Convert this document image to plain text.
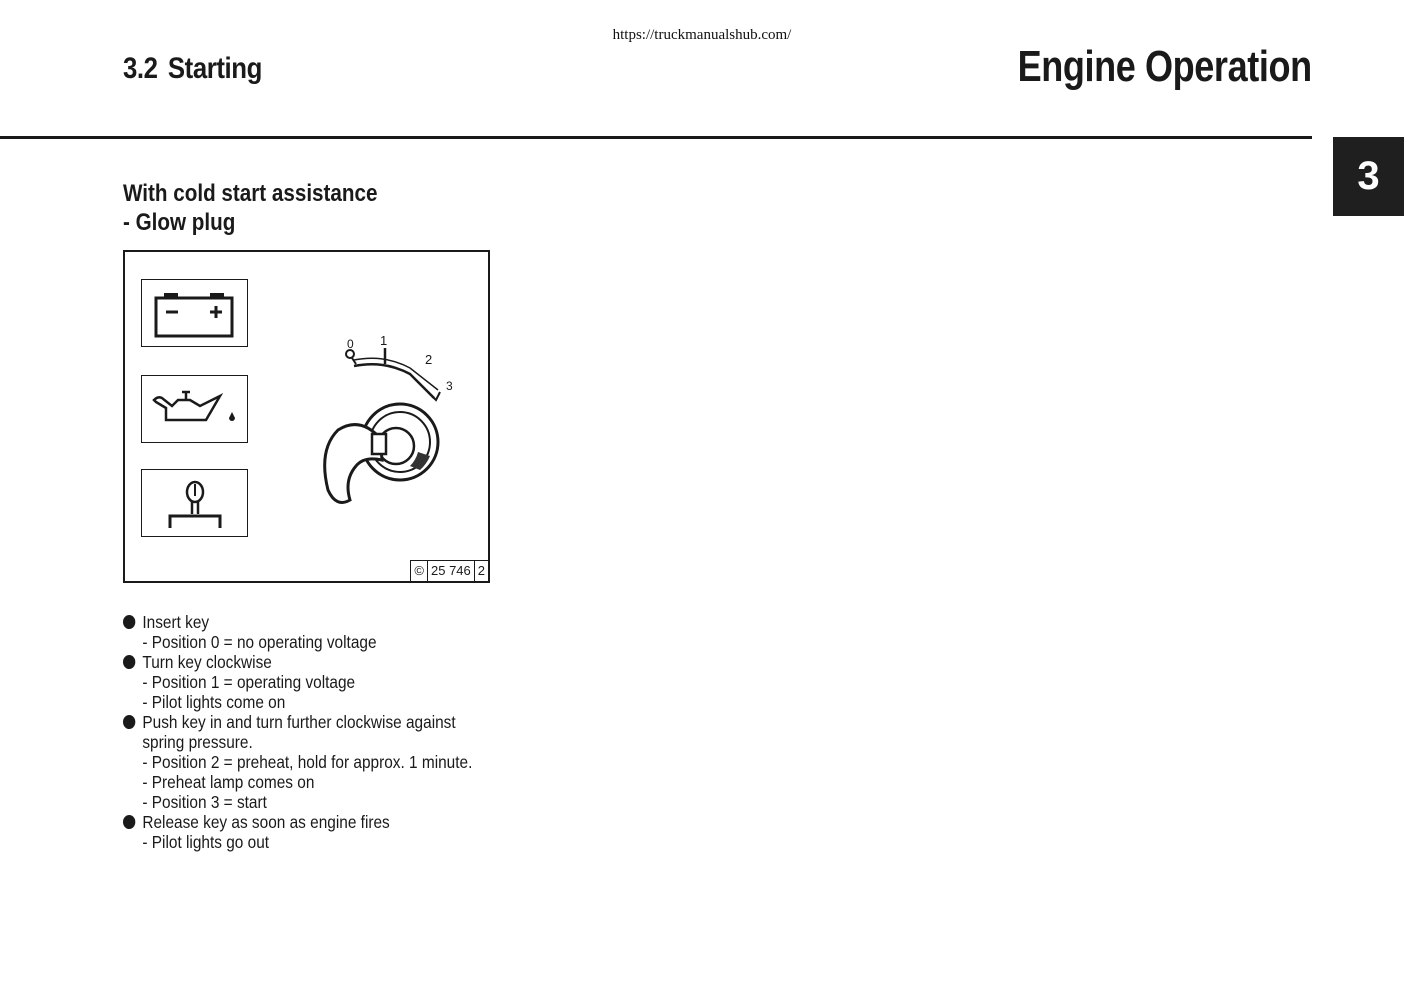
https://truckmanualshub.com/
3.2 Starting	Engine Operation
3
With cold start assistance
- Glow plug
0 1
2
3
© 25 746 2
Insert key
- Position 0 = no operating voltage
Turn key clockwise
- Position 1 = operating voltage
- Pilot lights come on
Push key in and turn further clockwise against
spring pressure.
- Position 2 = preheat, hold for approx. 1 minute.
- Preheat lamp comes on
- Position 3 = start
Release key as soon as engine fires
- Pilot lights go out
